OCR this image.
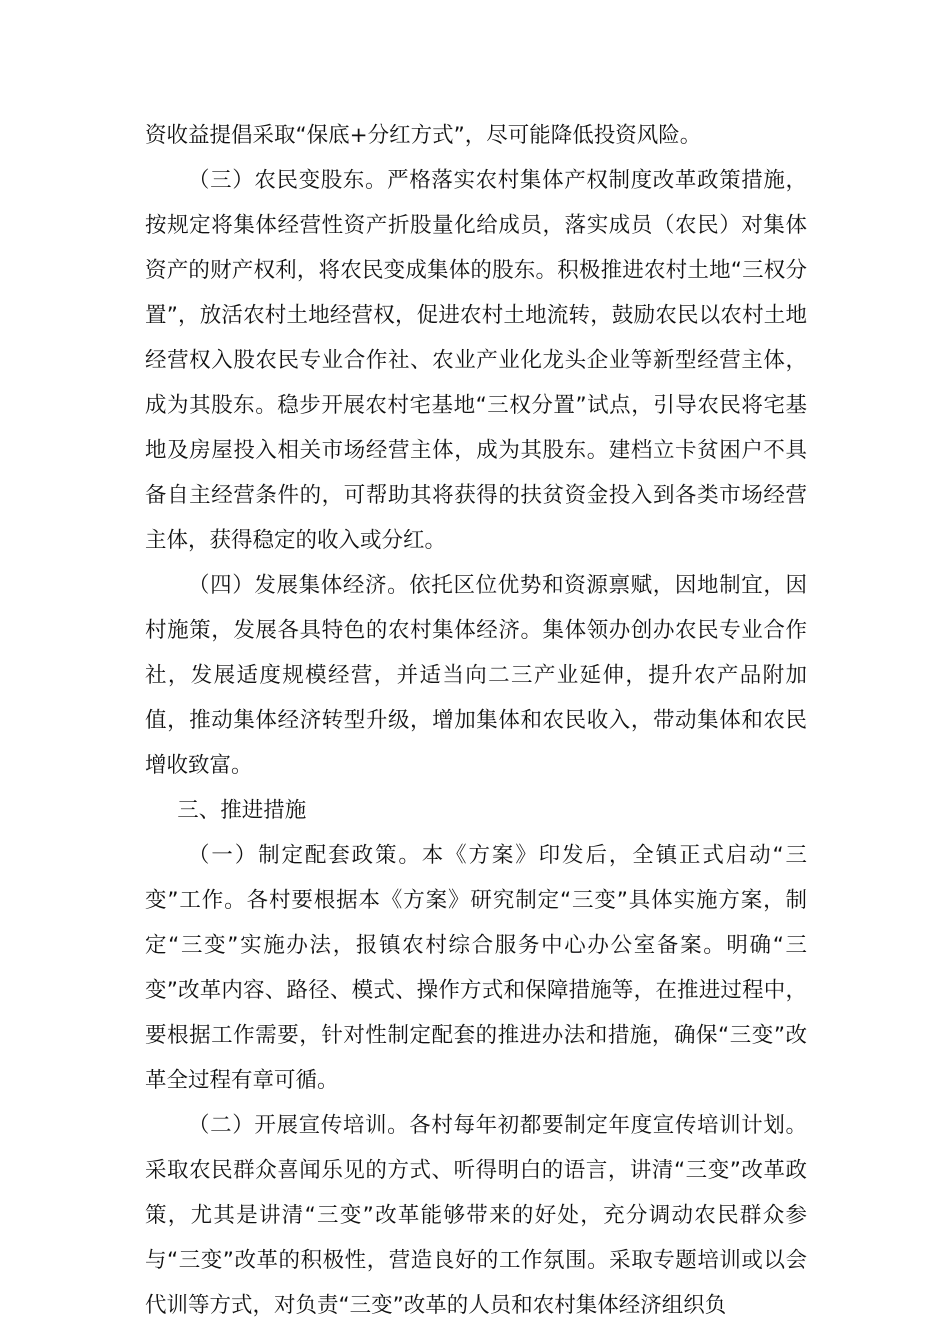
资收益提倡采取“保底+分红方式”，尽可能降低投资风险。

（三）农民变股东。严格落实农村集体产权制度改革政策措施，按规定将集体经营性资产折股量化给成员，落实成员（农民）对集体资产的财产权利，将农民变成集体的股东。积极推进农村土地“三权分置”，放活农村土地经营权，促进农村土地流转，鼓励农民以农村土地经营权入股农民专业合作社、农业产业化龙头企业等新型经营主体，成为其股东。稳步开展农村宅基地“三权分置”试点，引导农民将宅基地及房屋投入相关市场经营主体，成为其股东。建档立卡贫困户不具备自主经营条件的，可帮助其将获得的扶贫资金投入到各类市场经营主体，获得稳定的收入或分红。

（四）发展集体经济。依托区位优势和资源禀赋，因地制宜，因村施策，发展各具特色的农村集体经济。集体领办创办农民专业合作社，发展适度规模经营，并适当向二三产业延伸，提升农产品附加值，推动集体经济转型升级，增加集体和农民收入，带动集体和农民增收致富。

三、推进措施

（一）制定配套政策。本《方案》印发后，全镇正式启动“三变”工作。各村要根据本《方案》研究制定“三变”具体实施方案，制定“三变”实施办法，报镇农村综合服务中心办公室备案。明确“三变”改革内容、路径、模式、操作方式和保障措施等，在推进过程中，要根据工作需要，针对性制定配套的推进办法和措施，确保“三变”改革全过程有章可循。

（二）开展宣传培训。各村每年初都要制定年度宣传培训计划。采取农民群众喜闻乐见的方式、听得明白的语言，讲清“三变”改革政策，尤其是讲清“三变”改革能够带来的好处，充分调动农民群众参与“三变”改革的积极性，营造良好的工作氛围。采取专题培训或以会代训等方式，对负责“三变”改革的人员和农村集体经济组织负
